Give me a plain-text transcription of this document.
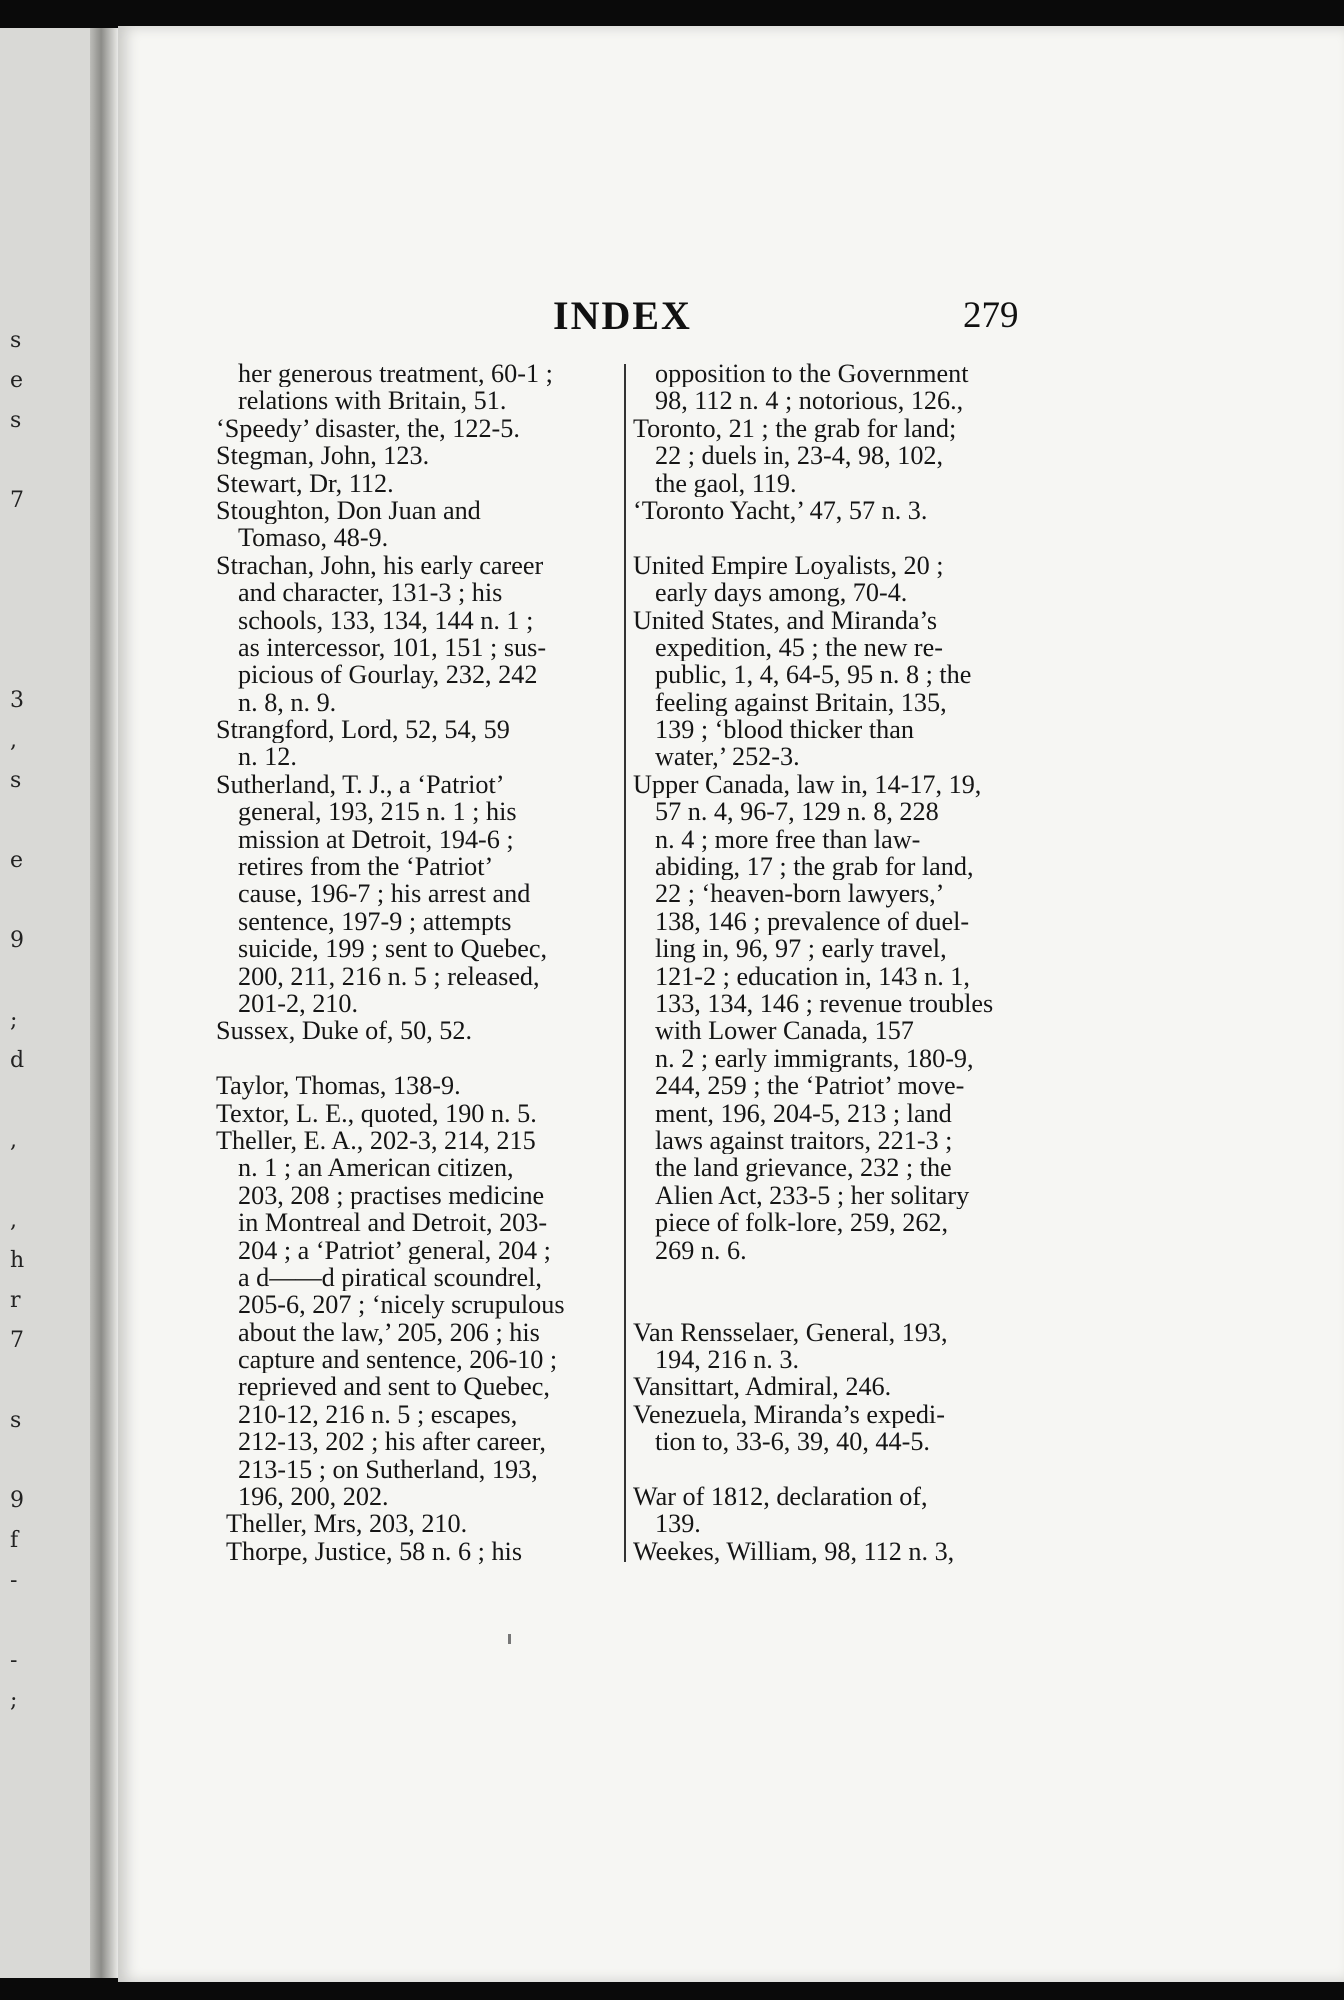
s
e
s
7
3
,
s
e
9
;
d
,
,
h
r
7
s
9
f
-
-
;
INDEX	279
her generous treatment, 60-1 ;
relations with Britain, 51.
‘Speedy’ disaster, the, 122-5.
Stegman, John, 123.
Stewart, Dr, 112.
Stoughton, Don Juan and
Tomaso, 48-9.
Strachan, John, his early career
and character, 131-3 ; his
schools, 133, 134, 144 n. 1 ;
as intercessor, 101, 151 ; sus-
picious of Gourlay, 232, 242
n. 8, n. 9.
Strangford, Lord, 52, 54, 59
n. 12.
Sutherland, T. J., a ‘Patriot’
general, 193, 215 n. 1 ; his
mission at Detroit, 194-6 ;
retires from the ‘Patriot’
cause, 196-7 ; his arrest and
sentence, 197-9 ; attempts
suicide, 199 ; sent to Quebec,
200, 211, 216 n. 5 ; released,
201-2, 210.
Sussex, Duke of, 50, 52.
Taylor, Thomas, 138-9.
Textor, L. E., quoted, 190 n. 5.
Theller, E. A., 202-3, 214, 215
n. 1 ; an American citizen,
203, 208 ; practises medicine
in Montreal and Detroit, 203-
204 ; a ‘Patriot’ general, 204 ;
a d——d piratical scoundrel,
205-6, 207 ; ‘nicely scrupulous
about the law,’ 205, 206 ; his
capture and sentence, 206-10 ;
reprieved and sent to Quebec,
210-12, 216 n. 5 ; escapes,
212-13, 202 ; his after career,
213-15 ; on Sutherland, 193,
196, 200, 202.
Theller, Mrs, 203, 210.
Thorpe, Justice, 58 n. 6 ; his
opposition to the Government
98, 112 n. 4 ; notorious, 126.,
Toronto, 21 ; the grab for land;
22 ; duels in, 23-4, 98, 102,
the gaol, 119.
‘Toronto Yacht,’ 47, 57 n. 3.
United Empire Loyalists, 20 ;
early days among, 70-4.
United States, and Miranda’s
expedition, 45 ; the new re-
public, 1, 4, 64-5, 95 n. 8 ; the
feeling against Britain, 135,
139 ; ‘blood thicker than
water,’ 252-3.
Upper Canada, law in, 14-17, 19,
57 n. 4, 96-7, 129 n. 8, 228
n. 4 ; more free than law-
abiding, 17 ; the grab for land,
22 ; ‘heaven-born lawyers,’
138, 146 ; prevalence of duel-
ling in, 96, 97 ; early travel,
121-2 ; education in, 143 n. 1,
133, 134, 146 ; revenue troubles
with Lower Canada, 157
n. 2 ; early immigrants, 180-9,
244, 259 ; the ‘Patriot’ move-
ment, 196, 204-5, 213 ; land
laws against traitors, 221-3 ;
the land grievance, 232 ; the
Alien Act, 233-5 ; her solitary
piece of folk-lore, 259, 262,
269 n. 6.
Van Rensselaer, General, 193,
194, 216 n. 3.
Vansittart, Admiral, 246.
Venezuela, Miranda’s expedi-
tion to, 33-6, 39, 40, 44-5.
War of 1812, declaration of,
139.
Weekes, William, 98, 112 n. 3,
